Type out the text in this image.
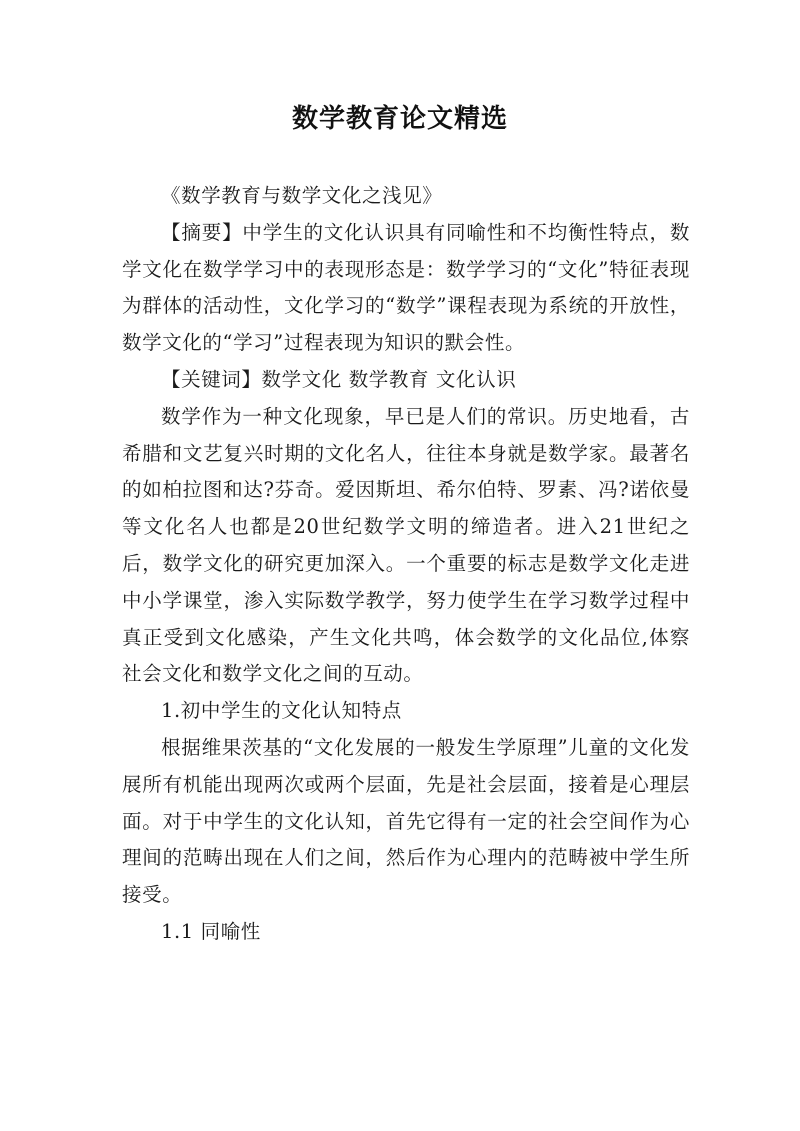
数学教育论文精选

《数学教育与数学文化之浅见》

【摘要】中学生的文化认识具有同喻性和不均衡性特点，数学文化在数学学习中的表现形态是：数学学习的“文化”特征表现为群体的活动性，文化学习的“数学”课程表现为系统的开放性，数学文化的“学习”过程表现为知识的默会性。

【关键词】数学文化 数学教育 文化认识

数学作为一种文化现象，早已是人们的常识。历史地看，古希腊和文艺复兴时期的文化名人，往往本身就是数学家。最著名的如柏拉图和达?芬奇。爱因斯坦、希尔伯特、罗素、冯?诺依曼等文化名人也都是20世纪数学文明的缔造者。进入21世纪之后，数学文化的研究更加深入。一个重要的标志是数学文化走进中小学课堂，渗入实际数学教学，努力使学生在学习数学过程中真正受到文化感染，产生文化共鸣，体会数学的文化品位,体察社会文化和数学文化之间的互动。

1.初中学生的文化认知特点

根据维果茨基的“文化发展的一般发生学原理”儿童的文化发展所有机能出现两次或两个层面，先是社会层面，接着是心理层面。对于中学生的文化认知，首先它得有一定的社会空间作为心理间的范畴出现在人们之间，然后作为心理内的范畴被中学生所接受。

1.1 同喻性
